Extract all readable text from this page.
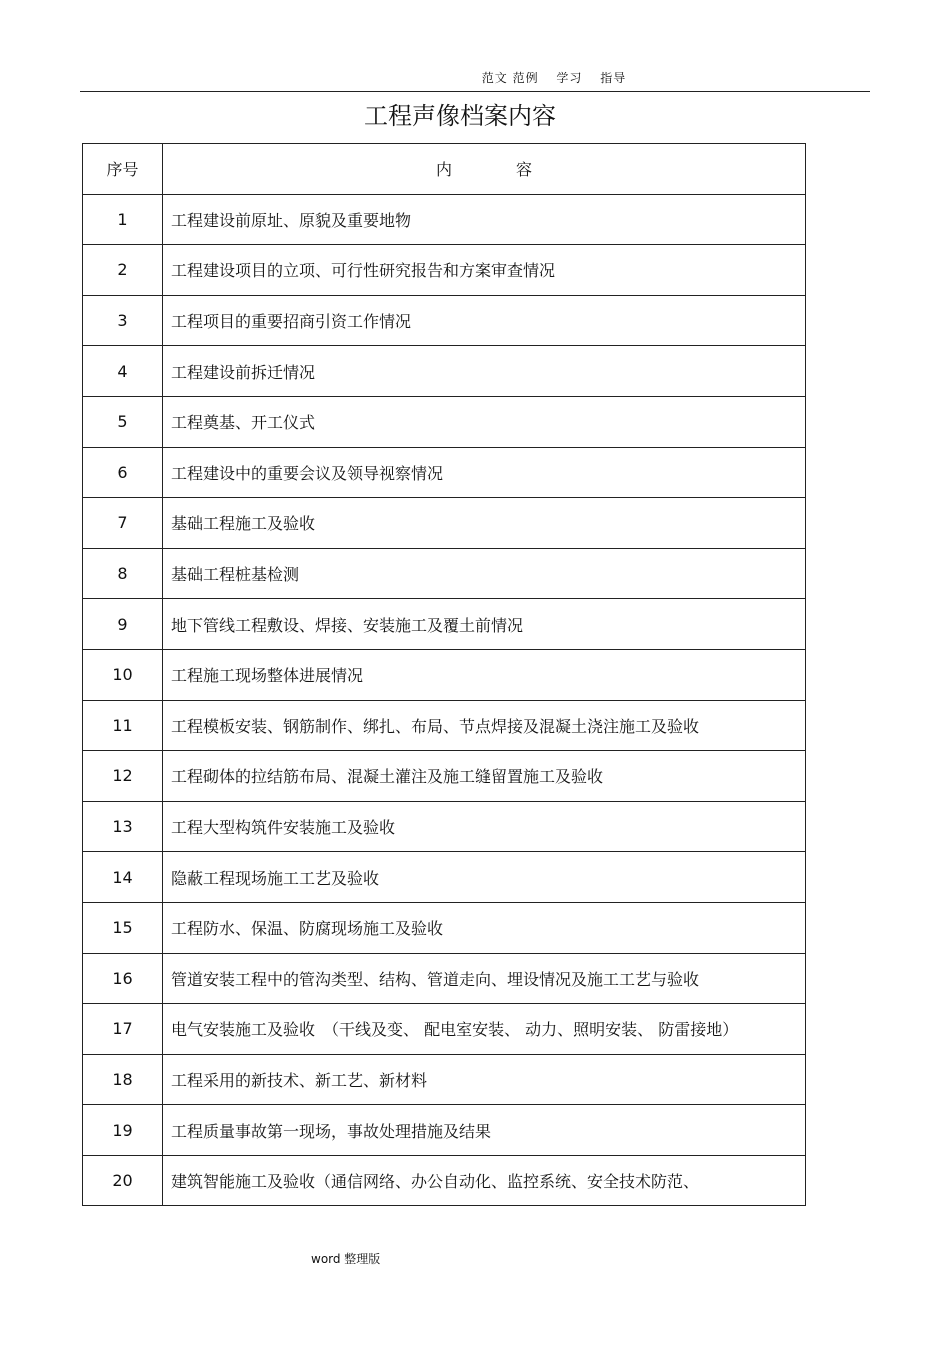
范文 范例　 学习　 指导
工程声像档案内容
序号	内　　　　容
1	工程建设前原址、原貌及重要地物
2	工程建设项目的立项、可行性研究报告和方案审查情况
3	工程项目的重要招商引资工作情况
4	工程建设前拆迁情况
5	工程奠基、开工仪式
6	工程建设中的重要会议及领导视察情况
7	基础工程施工及验收
8	基础工程桩基检测
9	地下管线工程敷设、焊接、安装施工及覆土前情况
10	工程施工现场整体进展情况
11	工程模板安装、钢筋制作、绑扎、布局、节点焊接及混凝土浇注施工及验收
12	工程砌体的拉结筋布局、混凝土灌注及施工缝留置施工及验收
13	工程大型构筑件安装施工及验收
14	隐蔽工程现场施工工艺及验收
15	工程防水、保温、防腐现场施工及验收
16	管道安装工程中的管沟类型、结构、管道走向、埋设情况及施工工艺与验收
17	电气安装施工及验收　（干线及变、 配电室安装、 动力、照明安装、 防雷接地）
18	工程采用的新技术、新工艺、新材料
19	工程质量事故第一现场，事故处理措施及结果
20	建筑智能施工及验收（通信网络、办公自动化、监控系统、安全技术防范、
word 整理版
